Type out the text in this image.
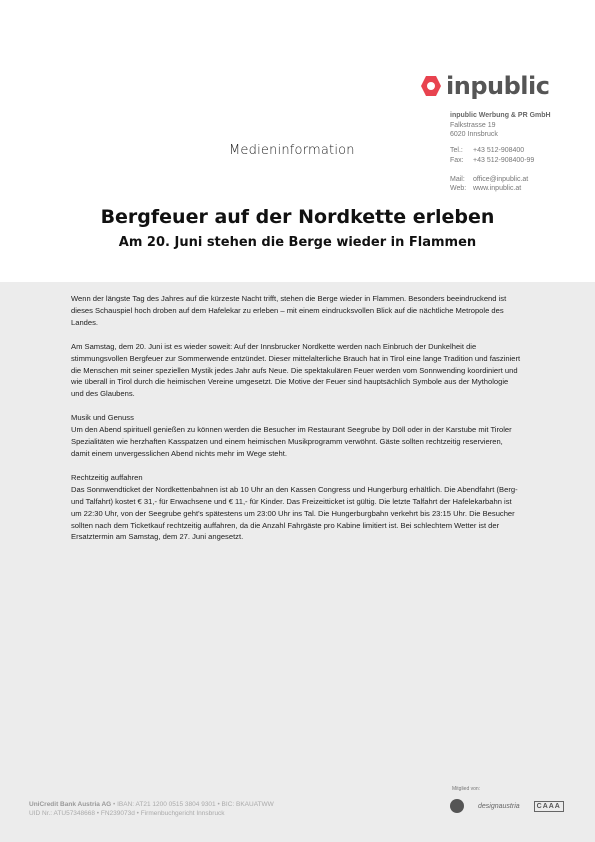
inpublic
inpublic Werbung & PR GmbH
Falkstrasse 19
6020 Innsbruck
Tel.:	+43 512-908400
Fax:	+43 512-908400-99
Mail:	office@inpublic.at
Web: www.inpublic.at
Medieninformation
Bergfeuer auf der Nordkette erleben
Am 20. Juni stehen die Berge wieder in Flammen

Wenn der längste Tag des Jahres auf die kürzeste Nacht trifft, stehen die Berge wieder in Flammen. Besonders beeindruckend ist dieses Schauspiel hoch droben auf dem Hafelekar zu erleben – mit einem eindrucksvollen Blick auf die nächtliche Metropole des Landes.

Am Samstag, dem 20. Juni ist es wieder soweit: Auf der Innsbrucker Nordkette werden nach Einbruch der Dunkelheit die stimmungsvollen Bergfeuer zur Sommerwende entzündet. Dieser mittelalterliche Brauch hat in Tirol eine lange Tradition und fasziniert die Menschen mit seiner speziellen Mystik jedes Jahr aufs Neue. Die spektakulären Feuer werden vom Sonnwending koordiniert und wie überall in Tirol durch die heimischen Vereine umgesetzt. Die Motive der Feuer sind hauptsächlich Symbole aus der Mythologie und des Glaubens.

Musik und Genuss

Um den Abend spirituell genießen zu können werden die Besucher im Restaurant Seegrube by Döll oder in der Karstube mit Tiroler Spezialitäten wie herzhaften Kasspatzen und einem heimischen Musikprogramm verwöhnt. Gäste sollten rechtzeitig reservieren, damit einem unvergesslichen Abend nichts mehr im Wege steht.

Rechtzeitig auffahren

Das Sonnwendticket der Nordkettenbahnen ist ab 10 Uhr an den Kassen Congress und Hungerburg erhältlich. Die Abendfahrt (Berg- und Talfahrt) kostet € 31,- für Erwachsene und € 11,- für Kinder. Das Freizeitticket ist gültig. Die letzte Talfahrt der Hafelekarbahn ist um 22:30 Uhr, von der Seegrube geht's spätestens um 23:00 Uhr ins Tal. Die Hungerburgbahn verkehrt bis 23:15 Uhr. Die Besucher sollten nach dem Ticketkauf rechtzeitig auffahren, da die Anzahl Fahrgäste pro Kabine limitiert ist. Bei schlechtem Wetter ist der Ersatztermin am Samstag, dem 27. Juni angesetzt.

UniCredit Bank Austria AG • IBAN: AT21 1200 0515 3804 9301 • BIC: BKAUATWW
UID Nr.: ATU57348668 • FN239073d • Firmenbuchgericht Innsbruck
Mitglied von:
designaustria	CAAA
